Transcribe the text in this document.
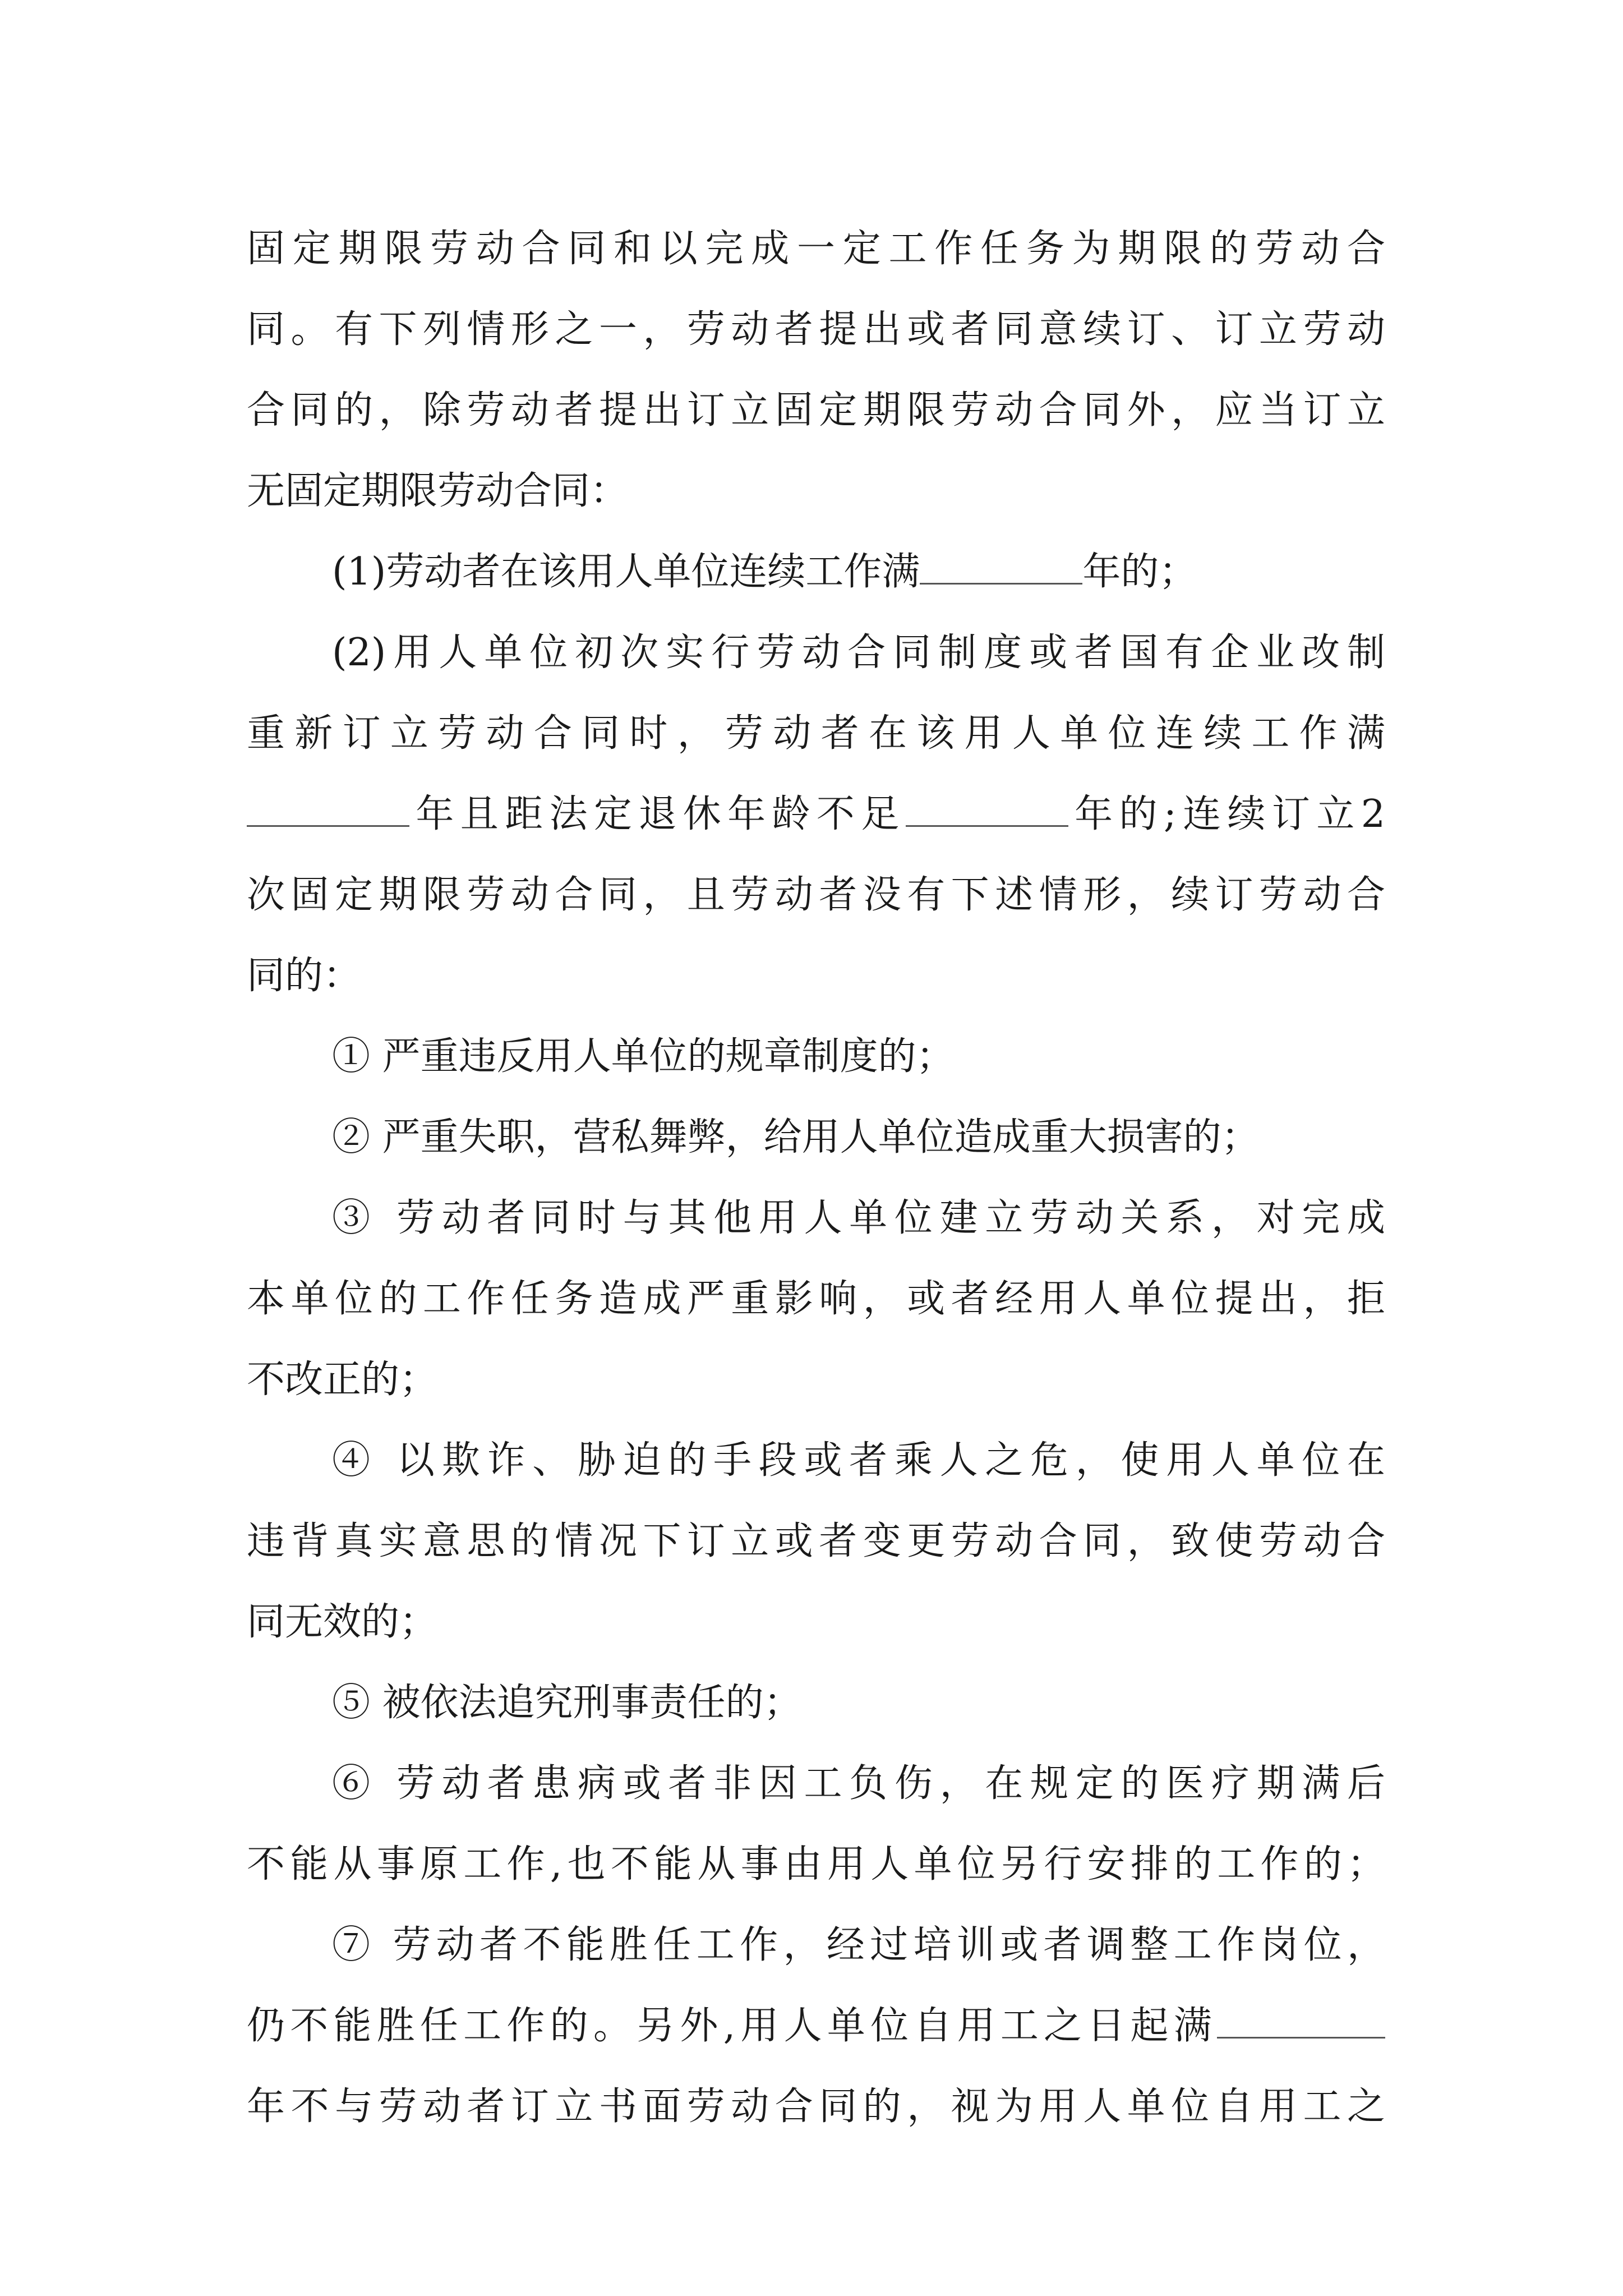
固定期限劳动合同和以完成一定工作任务为期限的劳动合
同。有下列情形之一，劳动者提出或者同意续订、订立劳动
合同的，除劳动者提出订立固定期限劳动合同外，应当订立
无固定期限劳动合同：
(1)劳动者在该用人单位连续工作满	年的；
(2)用人单位初次实行劳动合同制度或者国有企业改制
重新订立劳动合同时，劳动者在该用人单位连续工作满
年且距法定退休年龄不足	年的;连续订立2
次固定期限劳动合同，且劳动者没有下述情形，续订劳动合
同的：
① 严重违反用人单位的规章制度的；
② 严重失职，营私舞弊，给用人单位造成重大损害的；
③ 劳动者同时与其他用人单位建立劳动关系，对完成
本单位的工作任务造成严重影响，或者经用人单位提出，拒
不改正的；
④ 以欺诈、胁迫的手段或者乘人之危，使用人单位在
违背真实意思的情况下订立或者变更劳动合同，致使劳动合
同无效的；
⑤ 被依法追究刑事责任的；
⑥ 劳动者患病或者非因工负伤，在规定的医疗期满后
不能从事原工作,也不能从事由用人单位另行安排的工作的；
⑦ 劳动者不能胜任工作，经过培训或者调整工作岗位，
仍不能胜任工作的。另外,用人单位自用工之日起满
年不与劳动者订立书面劳动合同的，视为用人单位自用工之
